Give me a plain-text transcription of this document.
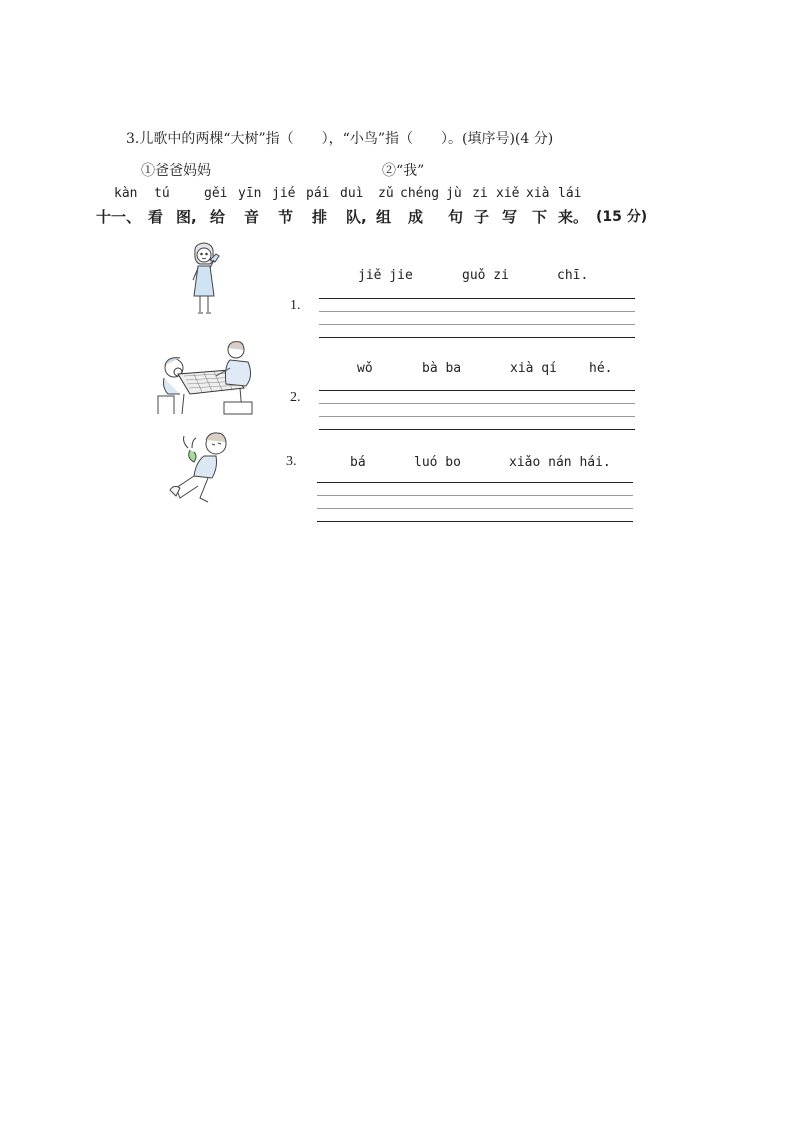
3.儿歌中的两棵“大树”指（　　），“小鸟”指（　　）。(填序号)(4 分)
①爸爸妈妈	②“我”
kàn tú	gěi yīn jié pái duì zǔ chéng jù zi xiě xià lái
十一、 看 图, 给 音 节 排 队, 组 成 句 子 写 下 来。 (15 分)
1.
jiě jie	guǒ zi	chī.
2.
wǒ	bà ba	xià qí hé.
3.	bá	luó bo	xiǎo nán hái.
